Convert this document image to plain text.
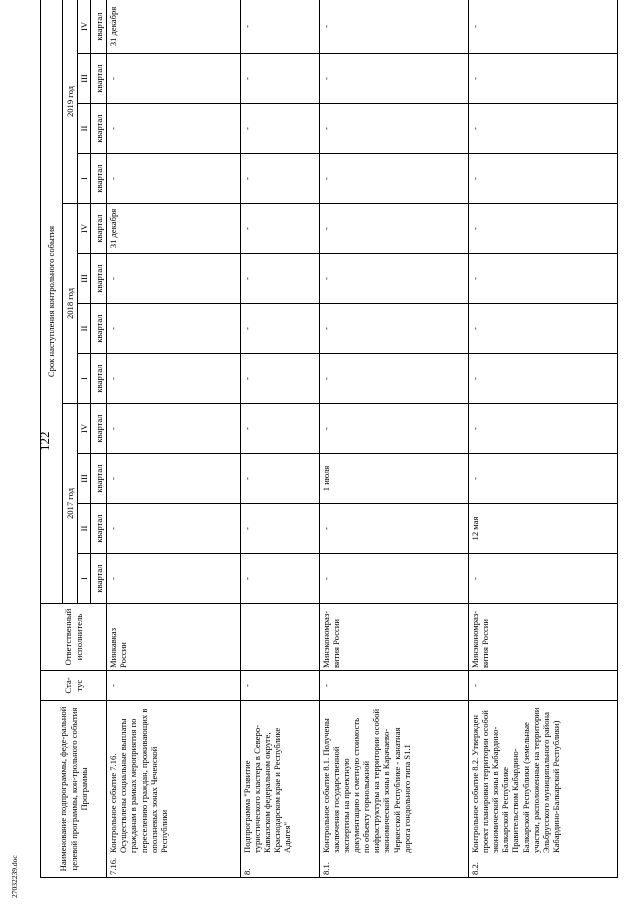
122
Наименование подпрограммы, феде-ральной целевой программы, кон-трольного события Программы	Ста-тус	Ответственный исполнитель	Срок наступления контрольного события											
			2017 год				2018 год				2019 год			
			I	II	III	IV	I	II	III	IV	I	II	III	IV
			квартал	квартал	квартал	квартал	квартал	квартал	квартал	квартал	квартал	квартал	квартал	квартал
7.16.Контрольное событие 7.16. Осуществлены социальные выплаты гражданам в рамках мероприятия по переселению граждан, проживающих в оползневых зонах Чеченской Республики	-	Минкавказ России	-	-	-	-	-	-	-	31 декабря	-	-	-	31 декабря
8.Подпрограмма "Развитие туристического кластера в Северо-Кавказском федеральном округе, Краснодарском крае и Республике Адыгея"	-		-	-	-	-	-	-	-	-	-	-	-	-
8.1.Контрольное событие 8.1. Получены заключения государственной экспертизы на проектную документацию и сметную стоимость по объекту горнолыжной инфраструктуры на территории особой экономической зоны в Карачаево-Черкесской Республике - канатная дорога гондольного типа S1.1	-	Минэкономраз-вития России	-	-	1 июля	-	-	-	-	-	-	-	-	-
8.2.Контрольное событие 8.2. Утвержден проект планировки территории особой экономической зоны в Кабардино-Балкарской Республике Правительством Кабардино-Балкарской Республики (земельные участки, расположенные на территории Эльбрусского муниципального района Кабардино-Балкарской Республики)	-	Минэкономраз-вития России	-	12 мая	-	-	-	-	-	-	-	-	-	-
27032239.doc
